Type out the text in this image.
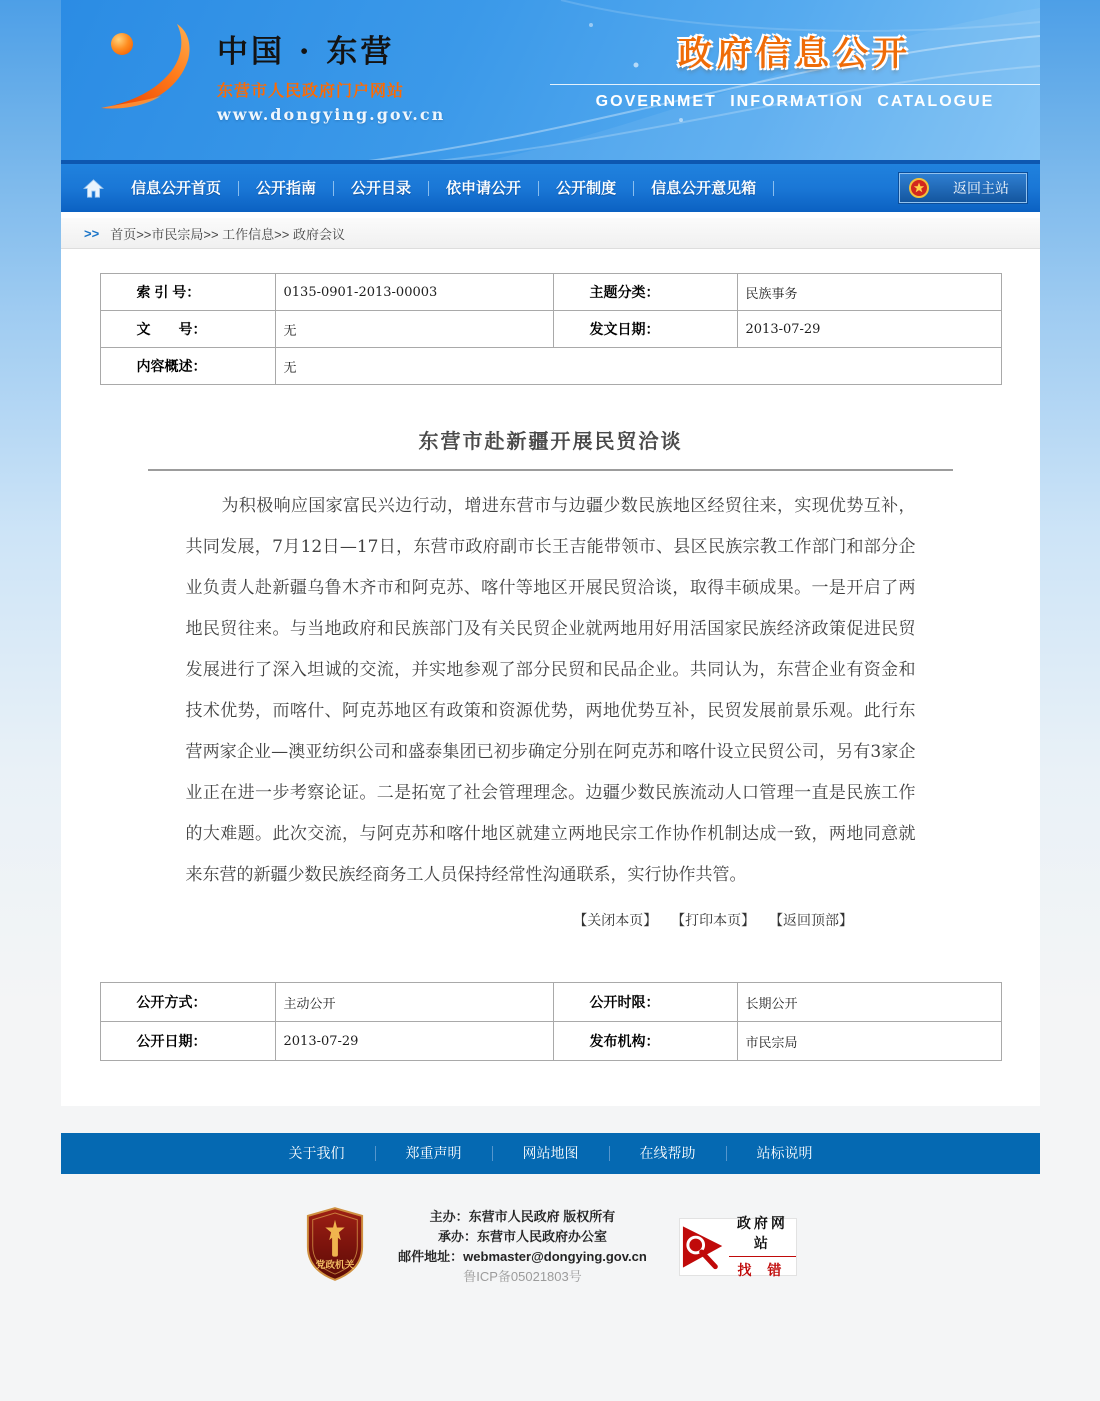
中国 · 东营
东营市人民政府门户网站
www.dongying.gov.cn
政府信息公开
GOVERNMET INFORMATION CATALOGUE
信息公开首页	公开指南	公开目录	依申请公开	公开制度	信息公开意见箱	返回主站
>> 首页>>市民宗局>> 工作信息>> 政府会议
索 引 号：	0135-0901-2013-00003	主题分类：	民族事务
文　　号：	无	发文日期：	2013-07-29
内容概述：	无		
东营市赴新疆开展民贸洽谈
为积极响应国家富民兴边行动，增进东营市与边疆少数民族地区经贸往来，实现优势互补，共同发展，7月12日—17日，东营市政府副市长王吉能带领市、县区民族宗教工作部门和部分企业负责人赴新疆乌鲁木齐市和阿克苏、喀什等地区开展民贸洽谈，取得丰硕成果。一是开启了两地民贸往来。与当地政府和民族部门及有关民贸企业就两地用好用活国家民族经济政策促进民贸发展进行了深入坦诚的交流，并实地参观了部分民贸和民品企业。共同认为，东营企业有资金和技术优势，而喀什、阿克苏地区有政策和资源优势，两地优势互补，民贸发展前景乐观。此行东营两家企业—澳亚纺织公司和盛泰集团已初步确定分别在阿克苏和喀什设立民贸公司，另有3家企业正在进一步考察论证。二是拓宽了社会管理理念。边疆少数民族流动人口管理一直是民族工作的大难题。此次交流，与阿克苏和喀什地区就建立两地民宗工作协作机制达成一致，两地同意就来东营的新疆少数民族经商务工人员保持经常性沟通联系，实行协作共管。
【关闭本页】 【打印本页】 【返回顶部】
公开方式：	主动公开	公开时限：	长期公开
公开日期：	2013-07-29	发布机构：	市民宗局
关于我们	郑重声明	网站地图	在线帮助	站标说明
党政机关
主办：东营市人民政府 版权所有
承办：东营市人民政府办公室
邮件地址：webmaster@dongying.gov.cn
鲁ICP备05021803号
政府网站
找 错
